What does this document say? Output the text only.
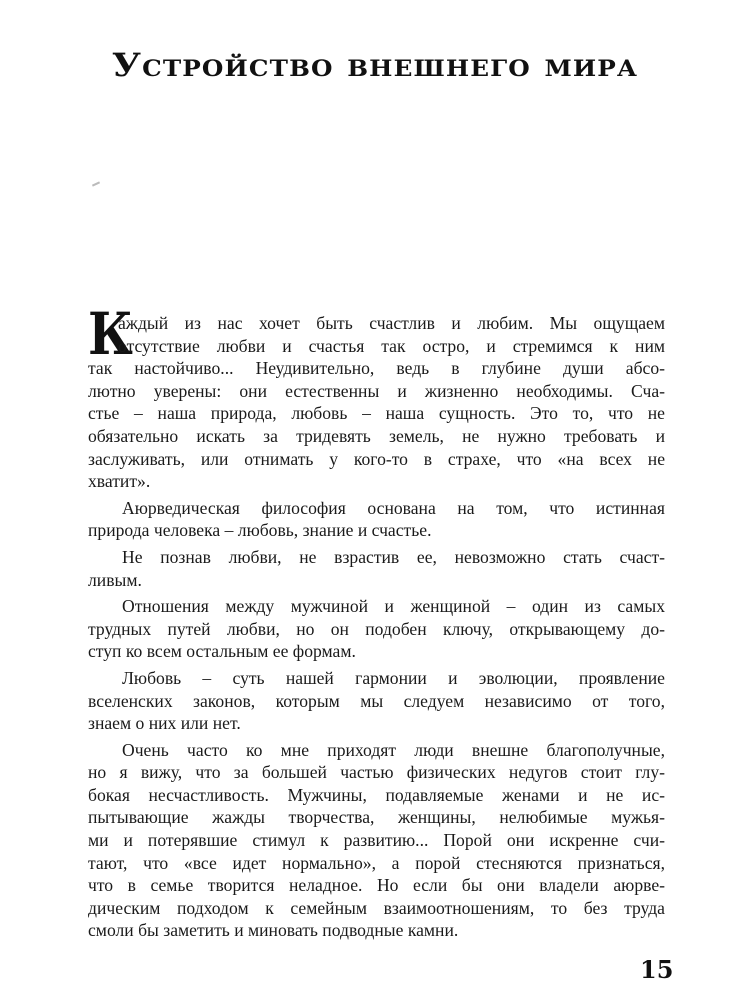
Устройство внешнего мира
К
аждый из нас хочет быть счастлив и любим. Мы ощущаем
отсутствие любви и счастья так остро, и стремимся к ним
так настойчиво... Неудивительно, ведь в глубине души абсо-
лютно уверены: они естественны и жизненно необходимы. Сча-
стье – наша природа, любовь – наша сущность. Это то, что не
обязательно искать за тридевять земель, не нужно требовать и
заслуживать, или отнимать у кого-то в страхе, что «на всех не
хватит».
Аюрведическая философия основана на том, что истинная
природа человека – любовь, знание и счастье.
Не познав любви, не взрастив ее, невозможно стать счаст-
ливым.
Отношения между мужчиной и женщиной – один из самых
трудных путей любви, но он подобен ключу, открывающему до-
ступ ко всем остальным ее формам.
Любовь – суть нашей гармонии и эволюции, проявление
вселенских законов, которым мы следуем независимо от того,
знаем о них или нет.
Очень часто ко мне приходят люди внешне благополучные,
но я вижу, что за большей частью физических недугов стоит глу-
бокая несчастливость. Мужчины, подавляемые женами и не ис-
пытывающие жажды творчества, женщины, нелюбимые мужья-
ми и потерявшие стимул к развитию... Порой они искренне счи-
тают, что «все идет нормально», а порой стесняются признаться,
что в семье творится неладное. Но если бы они владели аюрве-
дическим подходом к семейным взаимоотношениям, то без труда
смоли бы заметить и миновать подводные камни.
15
